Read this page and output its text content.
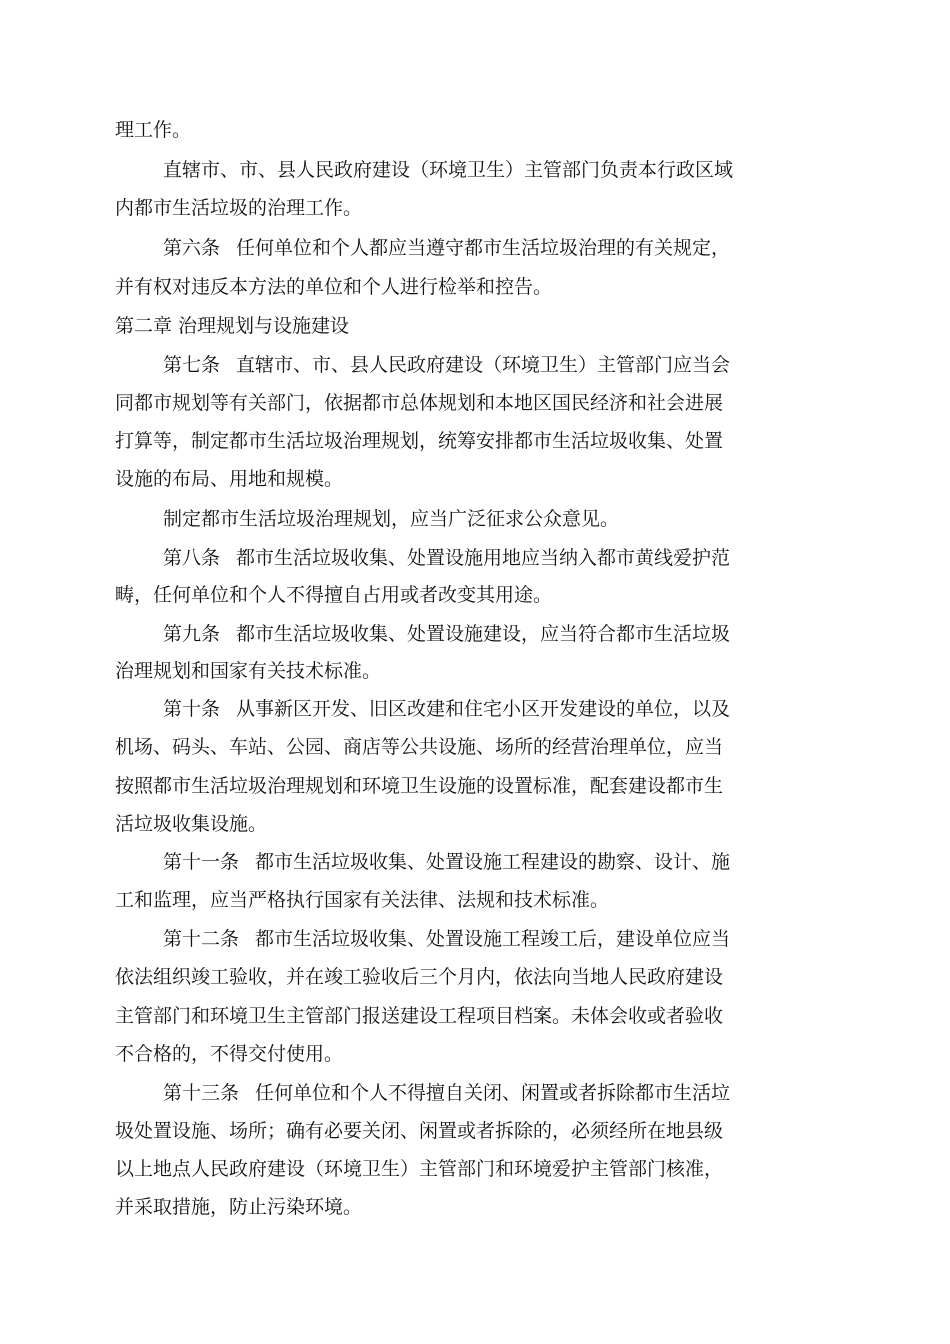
理工作。
直辖市、市、县人民政府建设（环境卫生）主管部门负责本行政区域
内都市生活垃圾的治理工作。
第六条 任何单位和个人都应当遵守都市生活垃圾治理的有关规定，
并有权对违反本方法的单位和个人进行检举和控告。
第二章 治理规划与设施建设
第七条 直辖市、市、县人民政府建设（环境卫生）主管部门应当会
同都市规划等有关部门，依据都市总体规划和本地区国民经济和社会进展
打算等，制定都市生活垃圾治理规划，统筹安排都市生活垃圾收集、处置
设施的布局、用地和规模。
制定都市生活垃圾治理规划，应当广泛征求公众意见。
第八条 都市生活垃圾收集、处置设施用地应当纳入都市黄线爱护范
畴，任何单位和个人不得擅自占用或者改变其用途。
第九条 都市生活垃圾收集、处置设施建设，应当符合都市生活垃圾
治理规划和国家有关技术标准。
第十条 从事新区开发、旧区改建和住宅小区开发建设的单位，以及
机场、码头、车站、公园、商店等公共设施、场所的经营治理单位，应当
按照都市生活垃圾治理规划和环境卫生设施的设置标准，配套建设都市生
活垃圾收集设施。
第十一条 都市生活垃圾收集、处置设施工程建设的勘察、设计、施
工和监理，应当严格执行国家有关法律、法规和技术标准。
第十二条 都市生活垃圾收集、处置设施工程竣工后，建设单位应当
依法组织竣工验收，并在竣工验收后三个月内，依法向当地人民政府建设
主管部门和环境卫生主管部门报送建设工程项目档案。未体会收或者验收
不合格的，不得交付使用。
第十三条 任何单位和个人不得擅自关闭、闲置或者拆除都市生活垃
圾处置设施、场所；确有必要关闭、闲置或者拆除的，必须经所在地县级
以上地点人民政府建设（环境卫生）主管部门和环境爱护主管部门核准，
并采取措施，防止污染环境。
